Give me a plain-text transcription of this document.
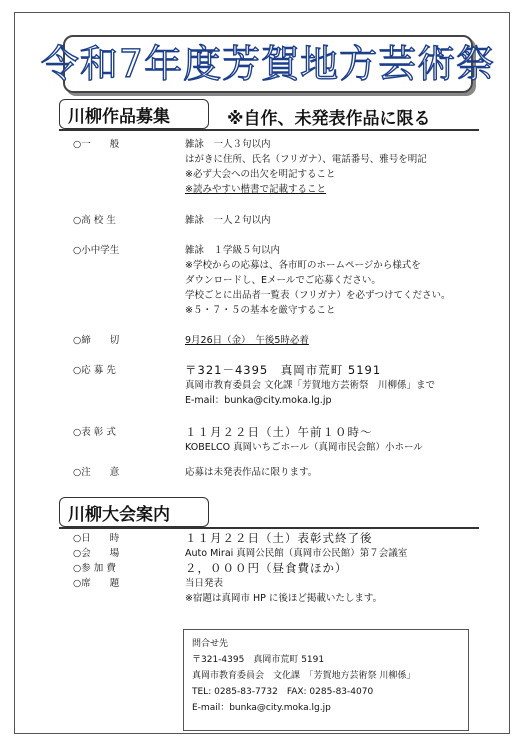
令和7年度芳賀地方芸術祭
川柳作品募集	※自作、未発表作品に限る
○一　　般	雑詠　一人３句以内
はがきに住所、氏名（フリガナ）、電話番号、雅号を明記
※必ず大会への出欠を明記すること
※読みやすい楷書で記載すること
○高 校 生	雑詠　一人２句以内
○小中学生	雑詠　１学級５句以内
※学校からの応募は、各市町のホームページから様式を
ダウンロードし、Eメールでご応募ください。
学校ごとに出品者一覧表（フリガナ）を必ずつけてください。
※５・７・５の基本を厳守すること
○締　　切	9月26日（金）　午後5時必着
○応 募 先	〒321－4395　真岡市荒町 5191
真岡市教育委員会 文化課「芳賀地方芸術祭　川柳係」まで
E-mail：bunka@city.moka.lg.jp
○表 彰 式	１１月２２日（土）午前１０時～
KOBELCO 真岡いちごホール（真岡市民会館）小ホール
○注　　意	応募は未発表作品に限ります。
川柳大会案内
○日　　時	１１月２２日（土）表彰式終了後
○会　　場	Auto Mirai 真岡公民館（真岡市公民館）第７会議室
○参 加 費	２，０００円（昼食費ほか）
○席　　題	当日発表
※宿題は真岡市 HP に後ほど掲載いたします。
問合せ先
〒321-4395　真岡市荒町 5191
真岡市教育委員会　文化課　「芳賀地方芸術祭 川柳係」
TEL: 0285-83-7732　FAX: 0285-83-4070
E-mail：bunka@city.moka.lg.jp
